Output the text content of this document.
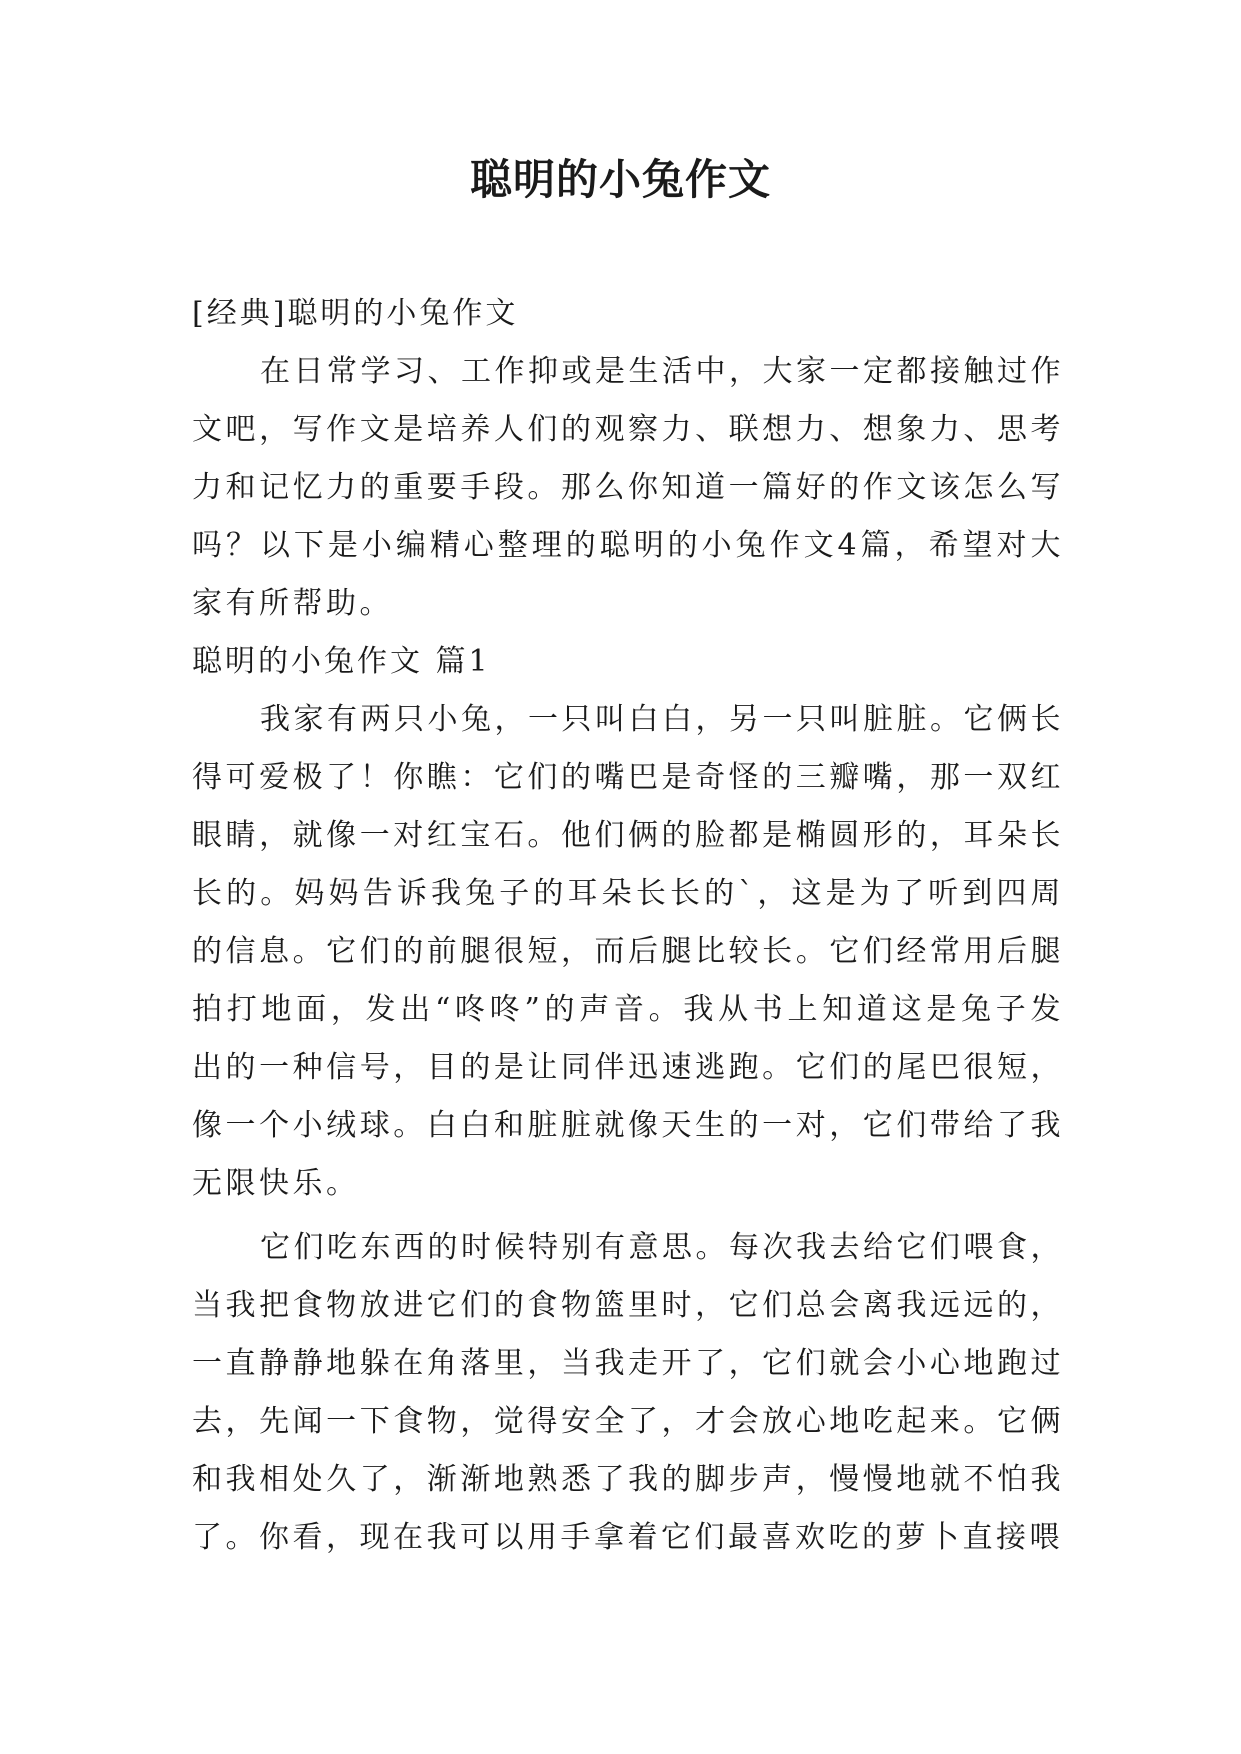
聪明的小兔作文

[经典]聪明的小兔作文

在日常学习、工作抑或是生活中，大家一定都接触过作文吧，写作文是培养人们的观察力、联想力、想象力、思考力和记忆力的重要手段。那么你知道一篇好的作文该怎么写吗？以下是小编精心整理的聪明的小兔作文4篇，希望对大家有所帮助。

聪明的小兔作文 篇1

我家有两只小兔，一只叫白白，另一只叫脏脏。它俩长得可爱极了！你瞧：它们的嘴巴是奇怪的三瓣嘴，那一双红眼睛，就像一对红宝石。他们俩的脸都是椭圆形的，耳朵长长的。妈妈告诉我兔子的耳朵长长的`，这是为了听到四周的信息。它们的前腿很短，而后腿比较长。它们经常用后腿拍打地面，发出“咚咚”的声音。我从书上知道这是兔子发出的一种信号，目的是让同伴迅速逃跑。它们的尾巴很短，像一个小绒球。白白和脏脏就像天生的一对，它们带给了我无限快乐。

它们吃东西的时候特别有意思。每次我去给它们喂食，当我把食物放进它们的食物篮里时，它们总会离我远远的，一直静静地躲在角落里，当我走开了，它们就会小心地跑过去，先闻一下食物，觉得安全了，才会放心地吃起来。它俩和我相处久了，渐渐地熟悉了我的脚步声，慢慢地就不怕我了。你看，现在我可以用手拿着它们最喜欢吃的萝卜直接喂
